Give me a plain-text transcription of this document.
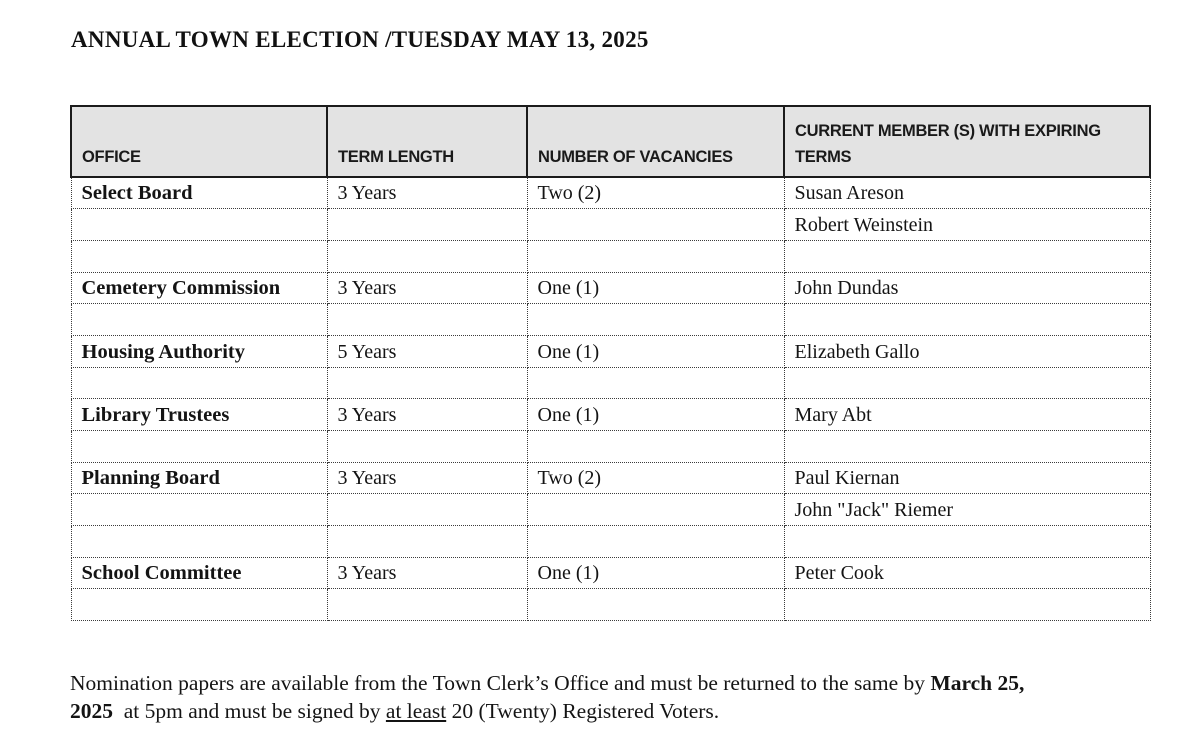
ANNUAL TOWN ELECTION /TUESDAY MAY 13, 2025
OFFICE	TERM LENGTH	NUMBER OF VACANCIES	CURRENT MEMBER (S) WITH EXPIRING TERMS
Select Board	3 Years	Two (2)	Susan Areson
			Robert Weinstein

Cemetery Commission	3 Years	One (1)	John Dundas

Housing Authority	5 Years	One (1)	Elizabeth Gallo

Library Trustees	3 Years	One (1)	Mary Abt

Planning Board	3 Years	Two (2)	Paul Kiernan
			John "Jack" Riemer

School Committee	3 Years	One (1)	Peter Cook

Nomination papers are available from the Town Clerk’s Office and must be returned to the same by March 25,
2025  at 5pm and must be signed by at least 20 (Twenty) Registered Voters.
